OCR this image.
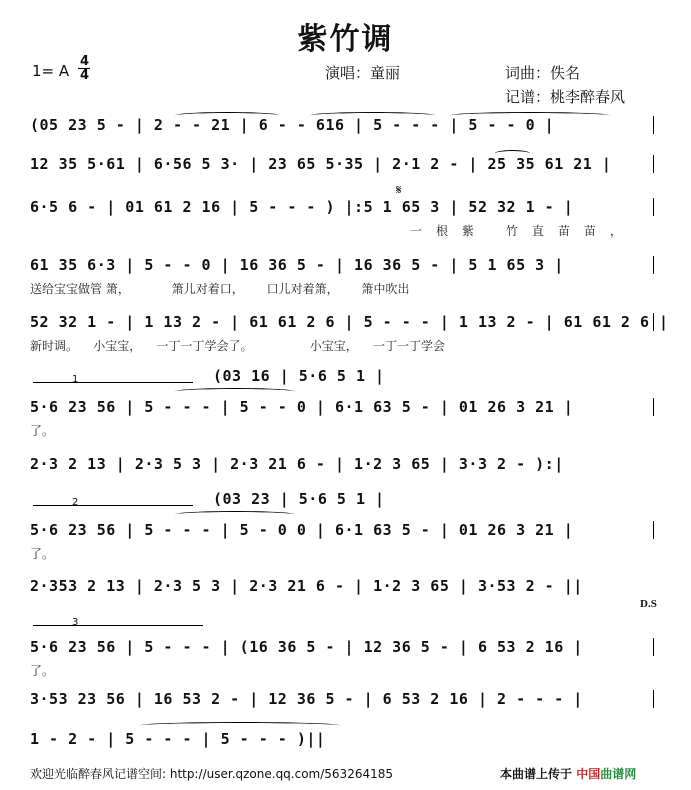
紫竹调
1= A
4
4	演唱：童丽	词曲：佚名
记谱：桃李醉春风
(05 23 5 - | 2 - - 21 | 6 - - 616 | 5 - - - | 5 - - 0 |
12 35 5·61 | 6·56 5 3· | 23 65 5·35 | 2·1 2 - | 25 35 61 21 |
6·5 6 - | 01 61 2 16 | 5 - - - ) |:5 1 65 3 | 52 32 1 - |
𝄋
一根紫 竹直苗苗，
61 35 6·3 | 5 - - 0 | 16 36 5 - | 16 36 5 - | 5 1 65 3 |
送给宝宝做管 箫，           箫儿对着口，      口儿对着箫，      箫中吹出
52 32 1 - | 1 13 2 - | 61 61 2 6 | 5 - - - | 1 13 2 - | 61 61 2 6 |
新时调。    小宝宝，    一丁一丁学会了。               小宝宝，    一丁一丁学会
(03 16 | 5·6 5 1 |
1
5·6 23 56 | 5 - - - | 5 - - 0 | 6·1 63 5 - | 01 26 3 21 |
了。
2·3 2 13 | 2·3 5 3 | 2·3 21 6 - | 1·2 3 65 | 3·3 2 - ):|
(03 23 | 5·6 5 1 |
2
5·6 23 56 | 5 - - - | 5 - 0 0 | 6·1 63 5 - | 01 26 3 21 |
了。
2·353 2 13 | 2·3 5 3 | 2·3 21 6 - | 1·2 3 65 | 3·53 2 - ||
D.S
3
5·6 23 56 | 5 - - - | (16 36 5 - | 12 36 5 - | 6 53 2 16 |
了。
3·53 23 56 | 16 53 2 - | 12 36 5 - | 6 53 2 16 | 2 - - - |
1 - 2 - | 5 - - - | 5 - - - )||
欢迎光临醉春风记谱空间: http://user.qzone.qq.com/563264185	本曲谱上传于 中国曲谱网
